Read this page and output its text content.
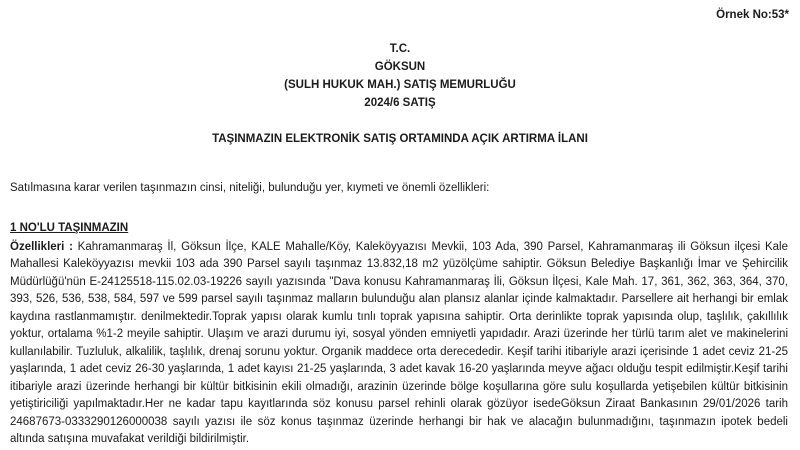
Örnek No:53*
T.C.
GÖKSUN
(SULH HUKUK MAH.) SATIŞ MEMURLUĞU
2024/6 SATIŞ
TAŞINMAZIN ELEKTRONİK SATIŞ ORTAMINDA AÇIK ARTIRMA İLANI
Satılmasına karar verilen taşınmazın cinsi, niteliği, bulunduğu yer, kıymeti ve önemli özellikleri:
1 NO'LU TAŞINMAZIN
Özellikleri : Kahramanmaraş İl, Göksun İlçe, KALE Mahalle/Köy, Kaleköyyazısı Mevkii, 103 Ada, 390 Parsel, Kahramanmaraş ili Göksun ilçesi Kale Mahallesi Kaleköyyazısı mevkii 103 ada 390 Parsel sayılı taşınmaz 13.832,18 m2 yüzölçüme sahiptir. Göksun Belediye Başkanlığı İmar ve Şehircilik Müdürlüğü'nün E-24125518-115.02.03-19226 sayılı yazısında "Dava konusu Kahramanmaraş İli, Göksun İlçesi, Kale Mah. 17, 361, 362, 363, 364, 370, 393, 526, 536, 538, 584, 597 ve 599 parsel sayılı taşınmaz malların bulunduğu alan plansız alanlar içinde kalmaktadır. Parsellere ait herhangi bir emlak kaydına rastlanmamıştır. denilmektedir.Toprak yapısı olarak kumlu tınlı toprak yapısına sahiptir. Orta derinlikte toprak yapısında olup, taşlılık, çakıllılık yoktur, ortalama %1-2 meyile sahiptir. Ulaşım ve arazi durumu iyi, sosyal yönden emniyetli yapıdadır. Arazi üzerinde her türlü tarım alet ve makinelerini kullanılabilir. Tuzluluk, alkalilik, taşlılık, drenaj sorunu yoktur. Organik maddece orta derecededir. Keşif tarihi itibariyle arazi içerisinde 1 adet ceviz 21-25 yaşlarında, 1 adet ceviz 26-30 yaşlarında, 1 adet kayısı 21-25 yaşlarında, 3 adet kavak 16-20 yaşlarında meyve ağacı olduğu tespit edilmiştir.Keşif tarihi itibariyle arazi üzerinde herhangi bir kültür bitkisinin ekili olmadığı, arazinin üzerinde bölge koşullarına göre sulu koşullarda yetişebilen kültür bitkisinin yetiştiriciliği yapılmaktadır.Her ne kadar tapu kayıtlarında söz konusu parsel rehinli olarak gözüyor isedeGöksun Ziraat Bankasının 29/01/2026 tarih 24687673-0333290126000038 sayılı yazısı ile söz konus taşınmaz üzerinde herhangi bir hak ve alacağın bulunmadığını, taşınmazın ipotek bedeli altında satışına muvafakat verildiği bildirilmiştir.
